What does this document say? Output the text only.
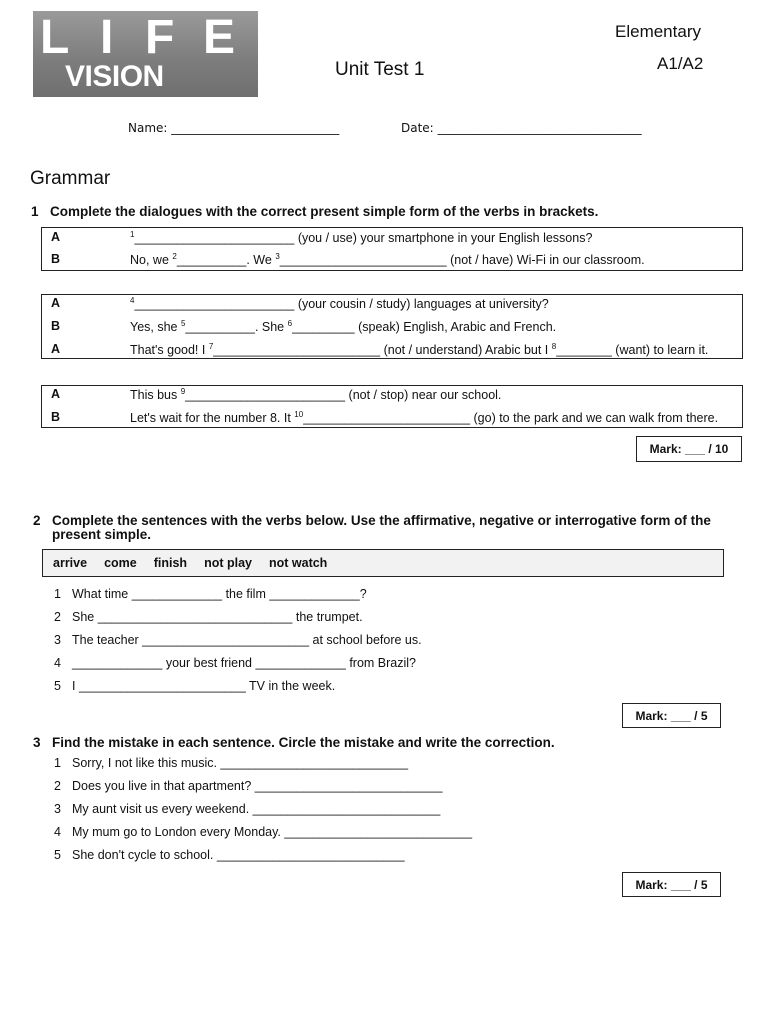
L I F E
VISION
Elementary
A1/A2
Unit Test 1
Name: ____________________________	Date: __________________________________
Grammar
1 Complete the dialogues with the correct present simple form of the verbs in brackets.
A	$^1$_______________________ (you / use) your smartphone in your English lessons?
B	No, we $^2$__________. We $^3$________________________ (not / have) Wi-Fi in our classroom.
A	$^4$_______________________ (your cousin / study) languages at university?
B	Yes, she $^5$__________. She $^6$_________ (speak) English, Arabic and French.
A	That's good! I $^7$________________________ (not / understand) Arabic but I $^8$________ (want) to learn it.
A	This bus $^9$_______________________ (not / stop) near our school.
B	Let's wait for the number 8. It $^{10}$________________________ (go) to the park and we can walk from there.
Mark: ___ / 10
2 Complete the sentences with the verbs below. Use the affirmative, negative or interrogative form of the
present simple.
arrive come finish not play not watch
1 What time _____________ the film _____________?
2 She ____________________________ the trumpet.
3 The teacher ________________________ at school before us.
4 _____________ your best friend _____________ from Brazil?
5 I ________________________ TV in the week.
Mark: ___ / 5
3 Find the mistake in each sentence. Circle the mistake and write the correction.
1 Sorry, I not like this music. ___________________________
2 Does you live in that apartment? ___________________________
3 My aunt visit us every weekend. ___________________________
4 My mum go to London every Monday. ___________________________
5 She don't cycle to school. ___________________________
Mark: ___ / 5
